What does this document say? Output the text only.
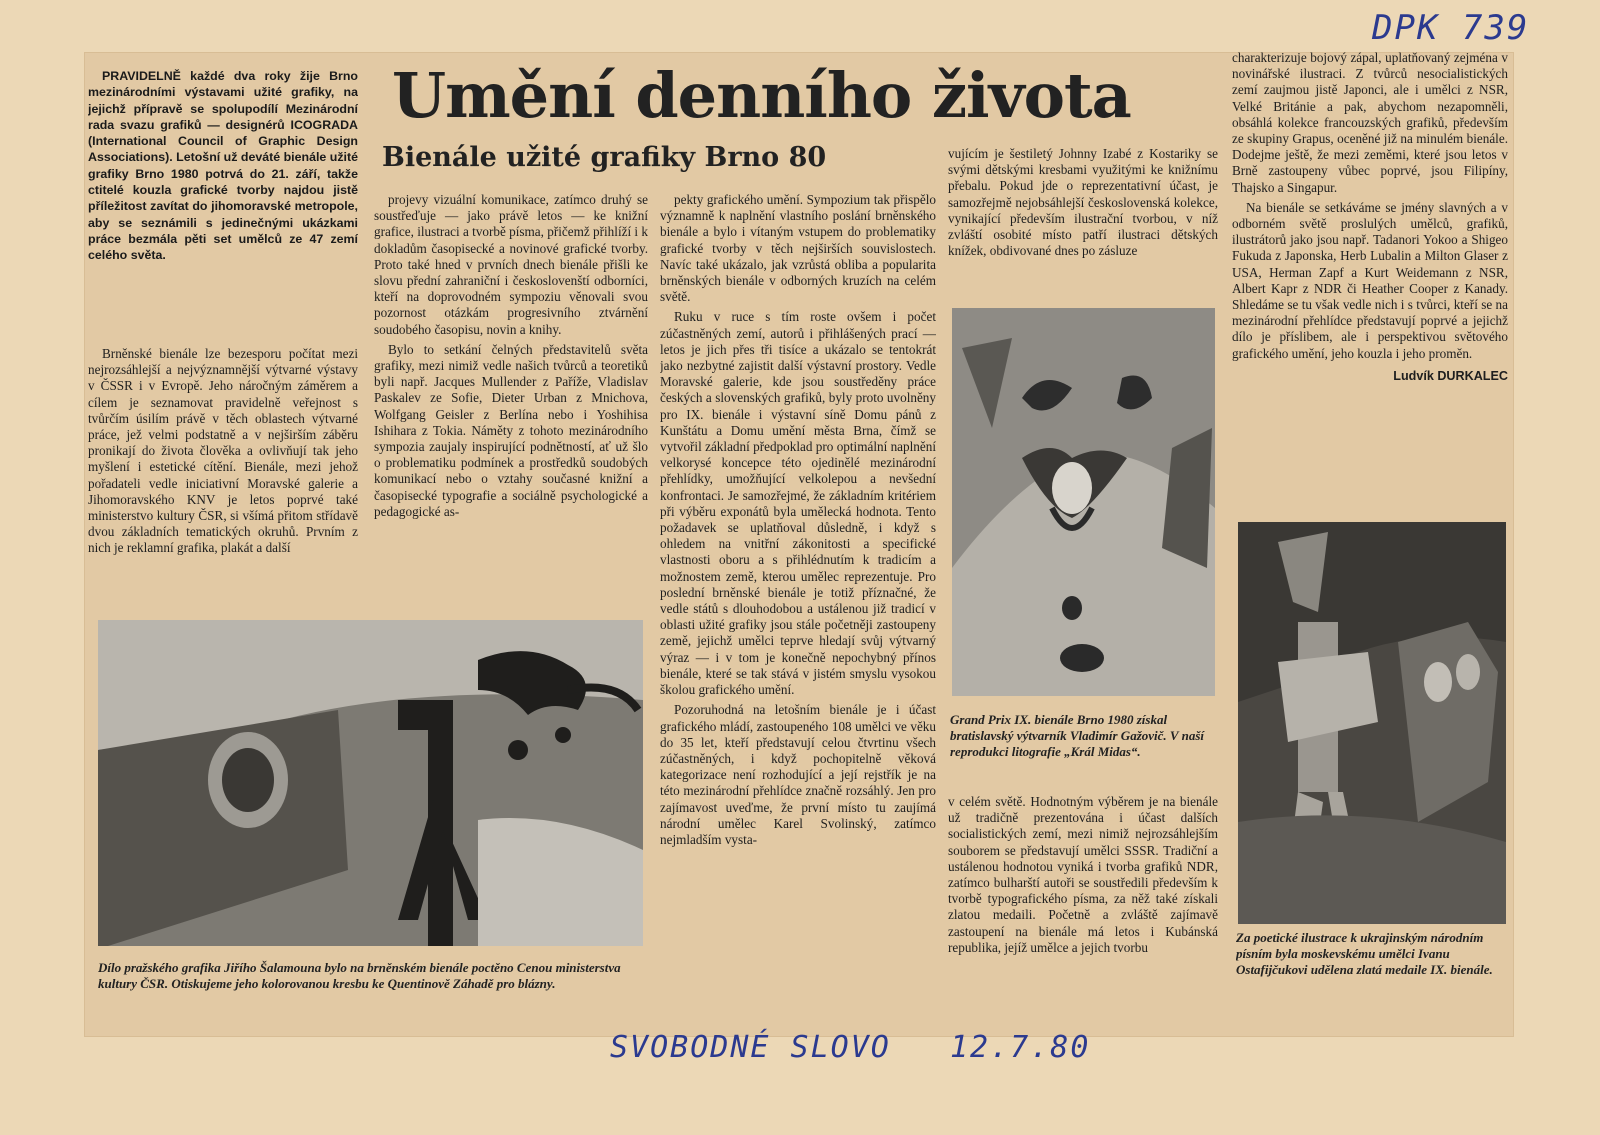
DPK 739
Umění denního života
Bienále užité grafiky Brno 80

PRAVIDELNĚ každé dva roky žije Brno mezinárodními výstavami užité grafiky, na jejichž přípravě se spolupodílí Mezinárodní rada svazu grafiků — designérů ICOGRADA (International Council of Graphic Design Associations). Letošní už deváté bienále užité grafiky Brno 1980 potrvá do 21. září, takže ctitelé kouzla grafické tvorby najdou jistě příležitost zavítat do jihomoravské metropole, aby se seznámili s jedinečnými ukázkami práce bezmála pěti set umělců ze 47 zemí celého světa.

Brněnské bienále lze bezesporu počítat mezi nejrozsáhlejší a nejvýznamnější výtvarné výstavy v ČSSR i v Evropě. Jeho náročným záměrem a cílem je seznamovat pravidelně veřejnost s tvůrčím úsilím právě v těch oblastech výtvarné práce, jež velmi podstatně a v nejširším záběru pronikají do života člověka a ovlivňují tak jeho myšlení i estetické cítění. Bienále, mezi jehož pořadateli vedle iniciativní Moravské galerie a Jihomoravského KNV je letos poprvé také ministerstvo kultury ČSR, si všímá přitom střídavě dvou základních tematických okruhů. Prvním z nich je reklamní grafika, plakát a další

projevy vizuální komunikace, zatímco druhý se soustřeďuje — jako právě letos — ke knižní grafice, ilustraci a tvorbě písma, přičemž přihlíží i k dokladům časopisecké a novinové grafické tvorby. Proto také hned v prvních dnech bienále přišli ke slovu přední zahraniční i českoslovenští odborníci, kteří na doprovodném sympoziu věnovali svou pozornost otázkám progresivního ztvárnění soudobého časopisu, novin a knihy.

Bylo to setkání čelných představitelů světa grafiky, mezi nimiž vedle našich tvůrců a teoretiků byli např. Jacques Mullender z Paříže, Vladislav Paskalev ze Sofie, Dieter Urban z Mnichova, Wolfgang Geisler z Berlína nebo i Yoshihisa Ishihara z Tokia. Náměty z tohoto mezinárodního sympozia zaujaly inspirující podnětností, ať už šlo o problematiku podmínek a prostředků soudobých komunikací nebo o vztahy současné knižní a časopisecké typografie a sociálně psychologické a pedagogické as-

pekty grafického umění. Sympozium tak přispělo významně k naplnění vlastního poslání brněnského bienále a bylo i vítaným vstupem do problematiky grafické tvorby v těch nejširších souvislostech. Navíc také ukázalo, jak vzrůstá obliba a popularita brněnských bienále v odborných kruzích na celém světě.

Ruku v ruce s tím roste ovšem i počet zúčastněných zemí, autorů i přihlášených prací — letos je jich přes tři tisíce a ukázalo se tentokrát jako nezbytné zajistit další výstavní prostory. Vedle Moravské galerie, kde jsou soustředěny práce českých a slovenských grafiků, byly proto uvolněny pro IX. bienále i výstavní síně Domu pánů z Kunštátu a Domu umění města Brna, čímž se vytvořil základní předpoklad pro optimální naplnění velkorysé koncepce této ojedinělé mezinárodní přehlídky, umožňující velkolepou a nevšední konfrontaci. Je samozřejmé, že základním kritériem při výběru exponátů byla umělecká hodnota. Tento požadavek se uplatňoval důsledně, i když s ohledem na vnitřní zákonitosti a specifické vlastnosti oboru a s přihlédnutím k tradicím a možnostem země, kterou umělec reprezentuje. Pro poslední brněnské bienále je totiž příznačné, že vedle států s dlouhodobou a ustálenou již tradicí v oblasti užité grafiky jsou stále početněji zastoupeny země, jejichž umělci teprve hledají svůj výtvarný výraz — i v tom je konečně nepochybný přínos bienále, které se tak stává v jistém smyslu vysokou školou grafického umění.

Pozoruhodná na letošním bienále je i účast grafického mládí, zastoupeného 108 umělci ve věku do 35 let, kteří představují celou čtvrtinu všech zúčastněných, i když pochopitelně věková kategorizace není rozhodující a její rejstřík je na této mezinárodní přehlídce značně rozsáhlý. Jen pro zajímavost uveďme, že první místo tu zaujímá národní umělec Karel Svolinský, zatímco nejmladším vysta-

vujícím je šestiletý Johnny Izabé z Kostariky se svými dětskými kresbami využitými ke knižnímu přebalu. Pokud jde o reprezentativní účast, je samozřejmě nejobsáhlejší československá kolekce, vynikající především ilustrační tvorbou, v níž zvláští osobité místo patří ilustraci dětských knížek, obdivované dnes po zásluze

Grand Prix IX. bienále Brno 1980 získal bratislavský výtvarník Vladimír Gažovič. V naší reprodukci litografie „Král Midas“.

v celém světě. Hodnotným výběrem je na bienále už tradičně prezentována i účast dalších socialistických zemí, mezi nimiž nejrozsáhlejším souborem se představují umělci SSSR. Tradiční a ustálenou hodnotou vyniká i tvorba grafiků NDR, zatímco bulharští autoři se soustředili především k tvorbě typografického písma, za něž také získali zlatou medaili. Početně a zvláště zajímavě zastoupení na bienále má letos i Kubánská republika, jejíž umělce a jejich tvorbu

charakterizuje bojový zápal, uplatňovaný zejména v novinářské ilustraci. Z tvůrců nesocialistických zemí zaujmou jistě Japonci, ale i umělci z NSR, Velké Británie a pak, abychom nezapomněli, obsáhlá kolekce francouzských grafiků, především ze skupiny Grapus, oceněné již na minulém bienále. Dodejme ještě, že mezi zeměmi, které jsou letos v Brně zastoupeny vůbec poprvé, jsou Filipíny, Thajsko a Singapur.

Na bienále se setkáváme se jmény slavných a v odborném světě proslulých umělců, grafiků, ilustrátorů jako jsou např. Tadanori Yokoo a Shigeo Fukuda z Japonska, Herb Lubalin a Milton Glaser z USA, Herman Zapf a Kurt Weidemann z NSR, Albert Kapr z NDR či Heather Cooper z Kanady. Shledáme se tu však vedle nich i s tvůrci, kteří se na mezinárodní přehlídce představují poprvé a jejichž dílo je příslibem, ale i perspektivou světového grafického umění, jeho kouzla i jeho proměn.

Ludvík DURKALEC
Za poetické ilustrace k ukrajinským národním písním byla moskevskému umělci Ivanu Ostafijčukovi udělena zlatá medaile IX. bienále.
Dílo pražského grafika Jiřího Šalamouna bylo na brněnském bienále poctěno Cenou ministerstva kultury ČSR. Otiskujeme jeho kolorovanou kresbu ke Quentinově Záhadě pro blázny.
SVOBODNÉ SLOVO 12.7.80
